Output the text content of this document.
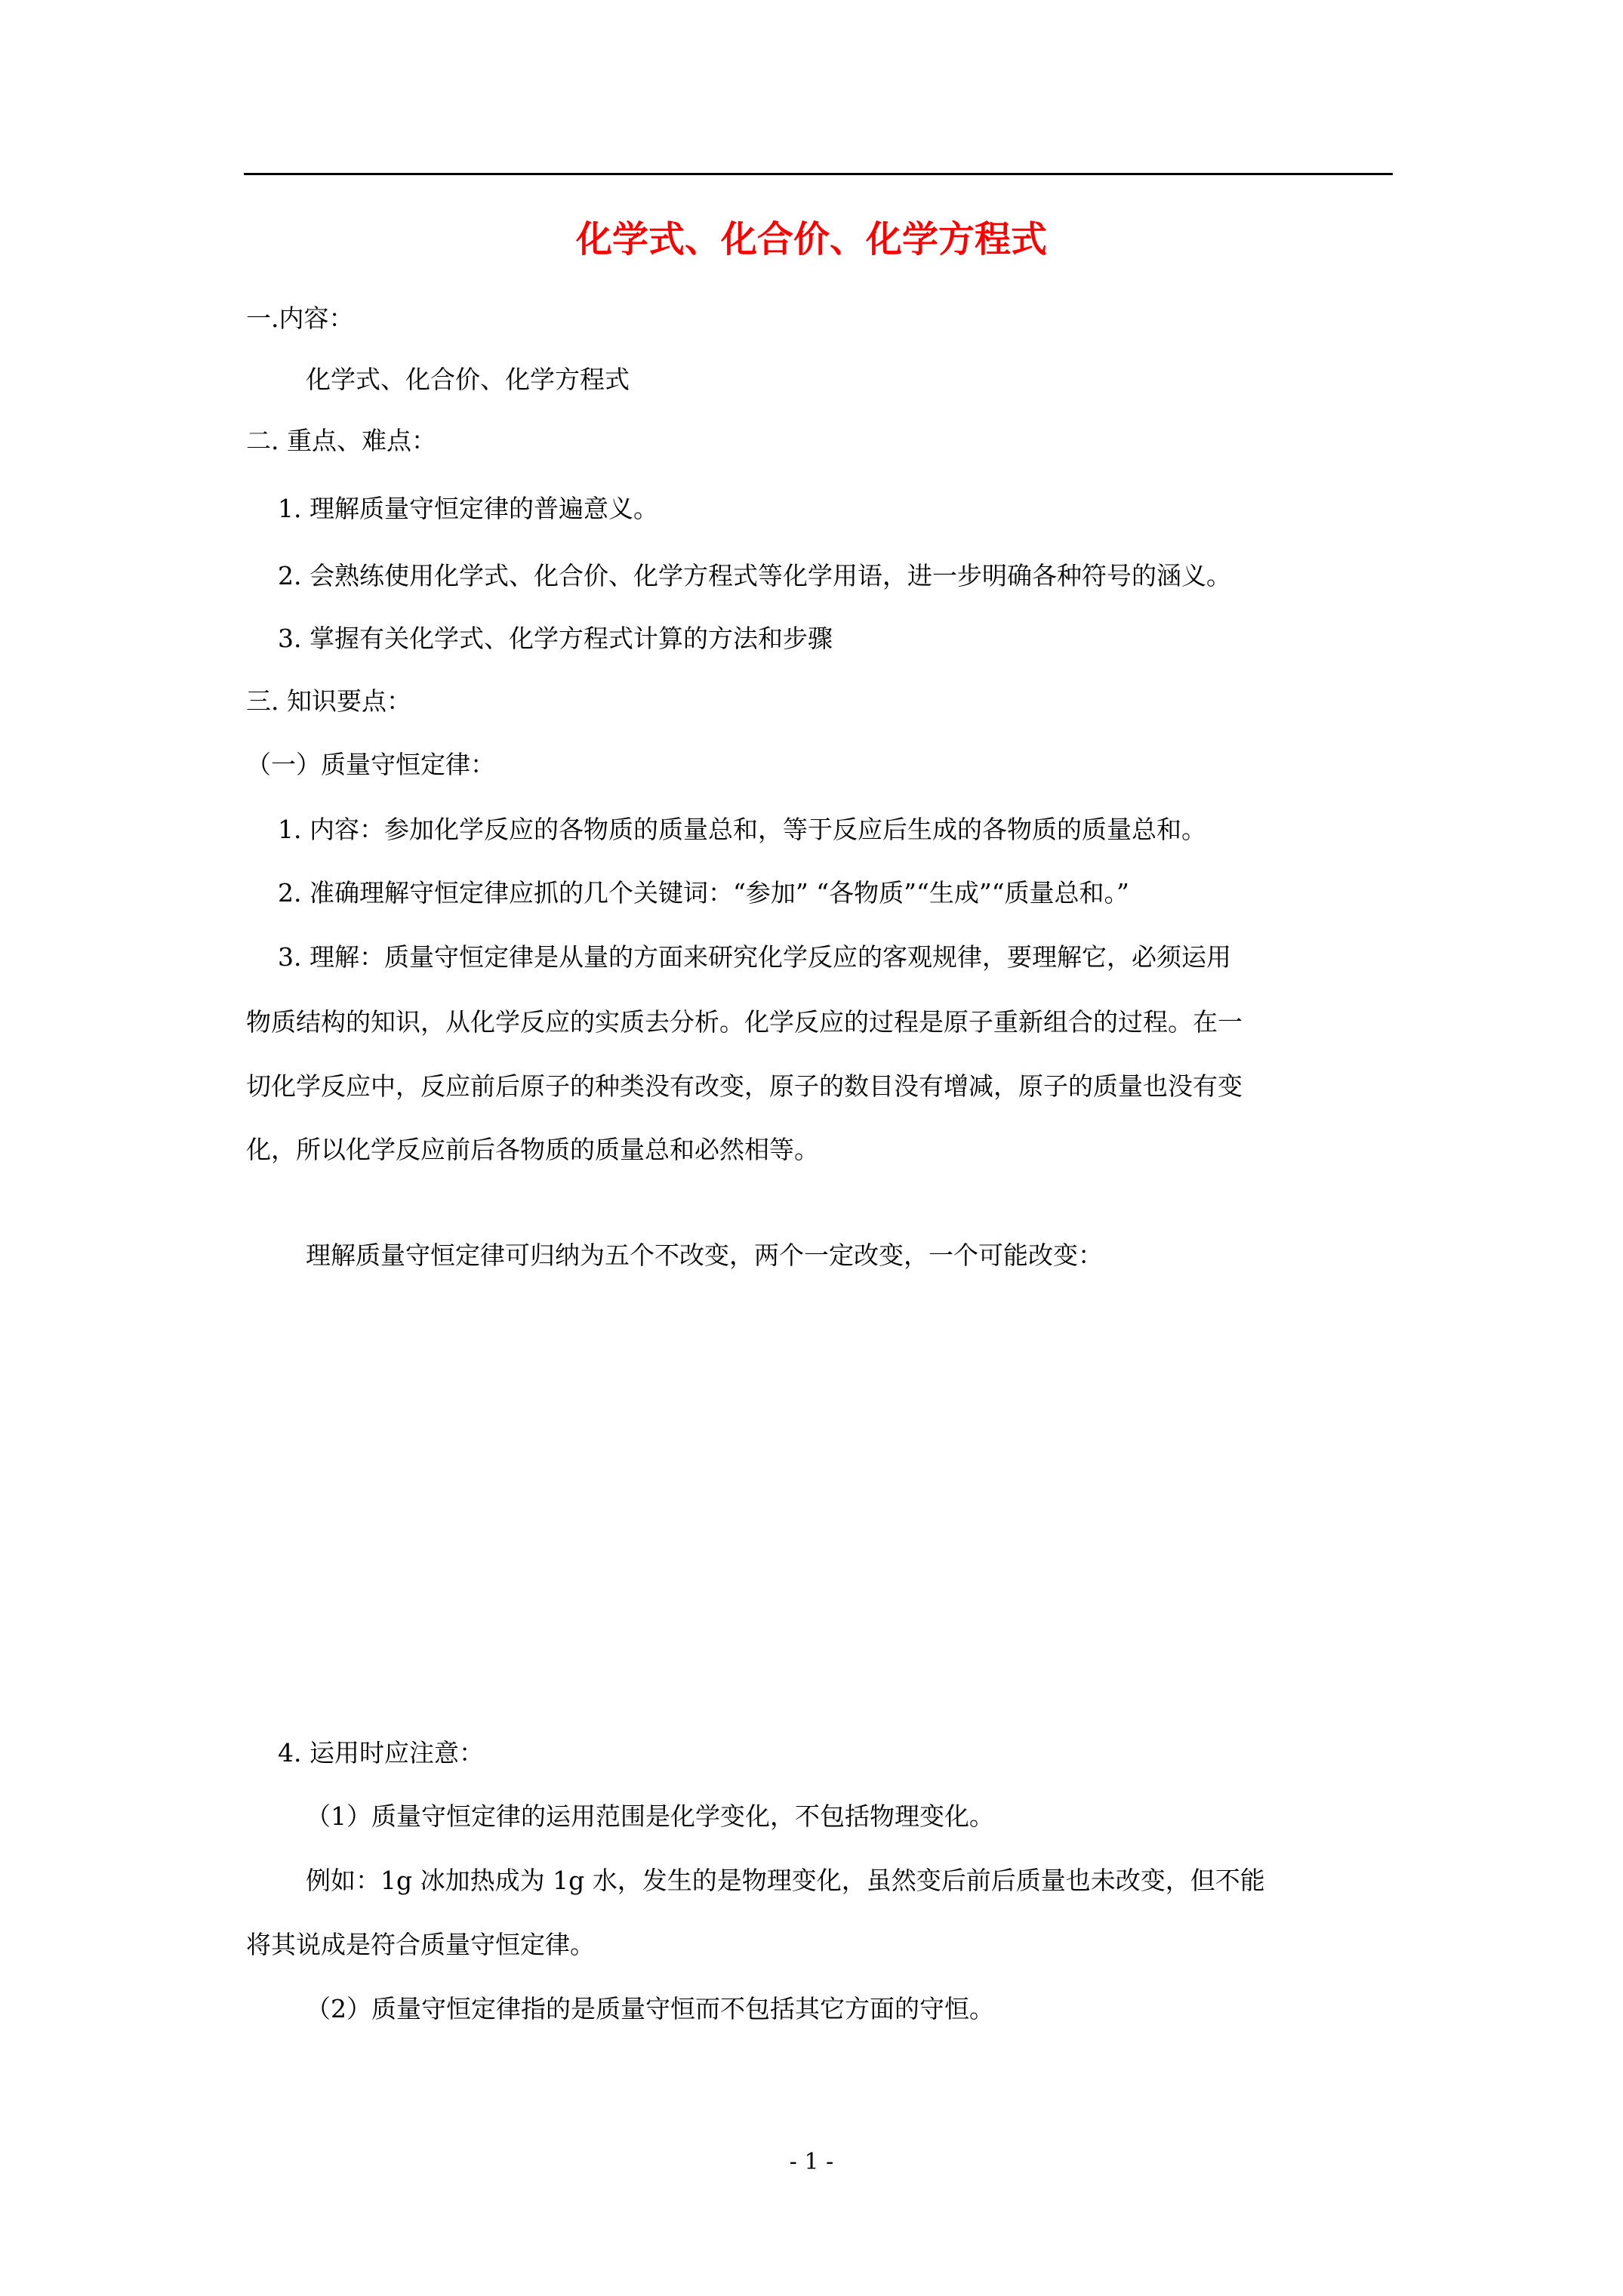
化学式、化合价、化学方程式
一.内容：
化学式、化合价、化学方程式
二. 重点、难点：
1. 理解质量守恒定律的普遍意义。
2. 会熟练使用化学式、化合价、化学方程式等化学用语，进一步明确各种符号的涵义。
3. 掌握有关化学式、化学方程式计算的方法和步骤
三. 知识要点：
（一）质量守恒定律：
1. 内容：参加化学反应的各物质的质量总和，等于反应后生成的各物质的质量总和。
2. 准确理解守恒定律应抓的几个关键词：“参加” “各物质”“生成”“质量总和。”
3. 理解：质量守恒定律是从量的方面来研究化学反应的客观规律，要理解它，必须运用
物质结构的知识，从化学反应的实质去分析。化学反应的过程是原子重新组合的过程。在一
切化学反应中，反应前后原子的种类没有改变，原子的数目没有增减，原子的质量也没有变
化，所以化学反应前后各物质的质量总和必然相等。
理解质量守恒定律可归纳为五个不改变，两个一定改变，一个可能改变：
4. 运用时应注意：
（1）质量守恒定律的运用范围是化学变化，不包括物理变化。
例如：1g 冰加热成为 1g 水，发生的是物理变化，虽然变后前后质量也未改变，但不能
将其说成是符合质量守恒定律。
（2）质量守恒定律指的是质量守恒而不包括其它方面的守恒。
- 1 -
